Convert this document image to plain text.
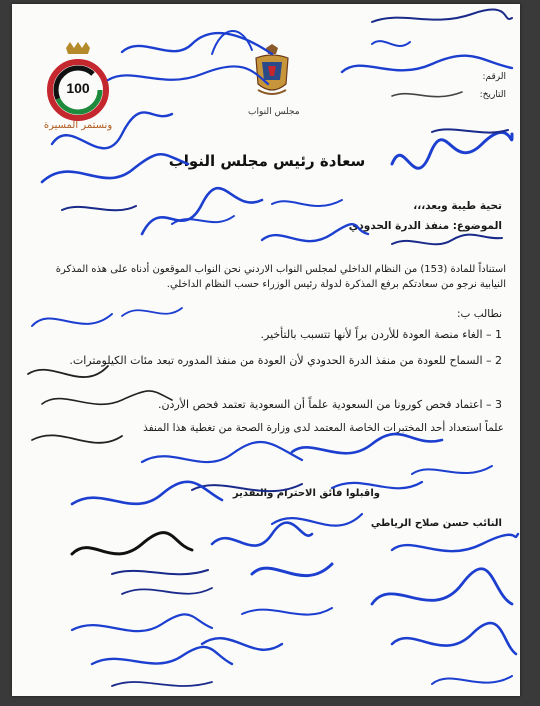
100
ونستمر المسيرة
مجلس النواب
الرقم:
التاريخ:
سعادة رئيس مجلس النواب
تحية طيبة وبعد،،،
الموضوع: منفذ الدرة الحدودي
استناداً للمادة (153) من النظام الداخلي لمجلس النواب الاردني نحن النواب الموقعون أدناه على هذه المذكرة النيابية نرجو من سعادتكم برفع المذكرة لدولة رئيس الوزراء حسب النظام الداخلي.
نطالب ب:
1 – الغاء منصة العودة للأردن براً لأنها تتسبب بالتأخير.
2 – السماح للعودة من منفذ الدرة الحدودي لأن العودة من منفذ المدوره تبعد مئات الكيلومترات.
3 – اعتماد فحص كورونا من السعودية علماً أن السعودية تعتمد فحص الأردن.
علماً استعداد أحد المختبرات الخاصة المعتمد لدى وزارة الصحة من تغطية هذا المنفذ
واقبلوا فائق الاحترام والتقدير
النائب حسن صلاح الرياطي
